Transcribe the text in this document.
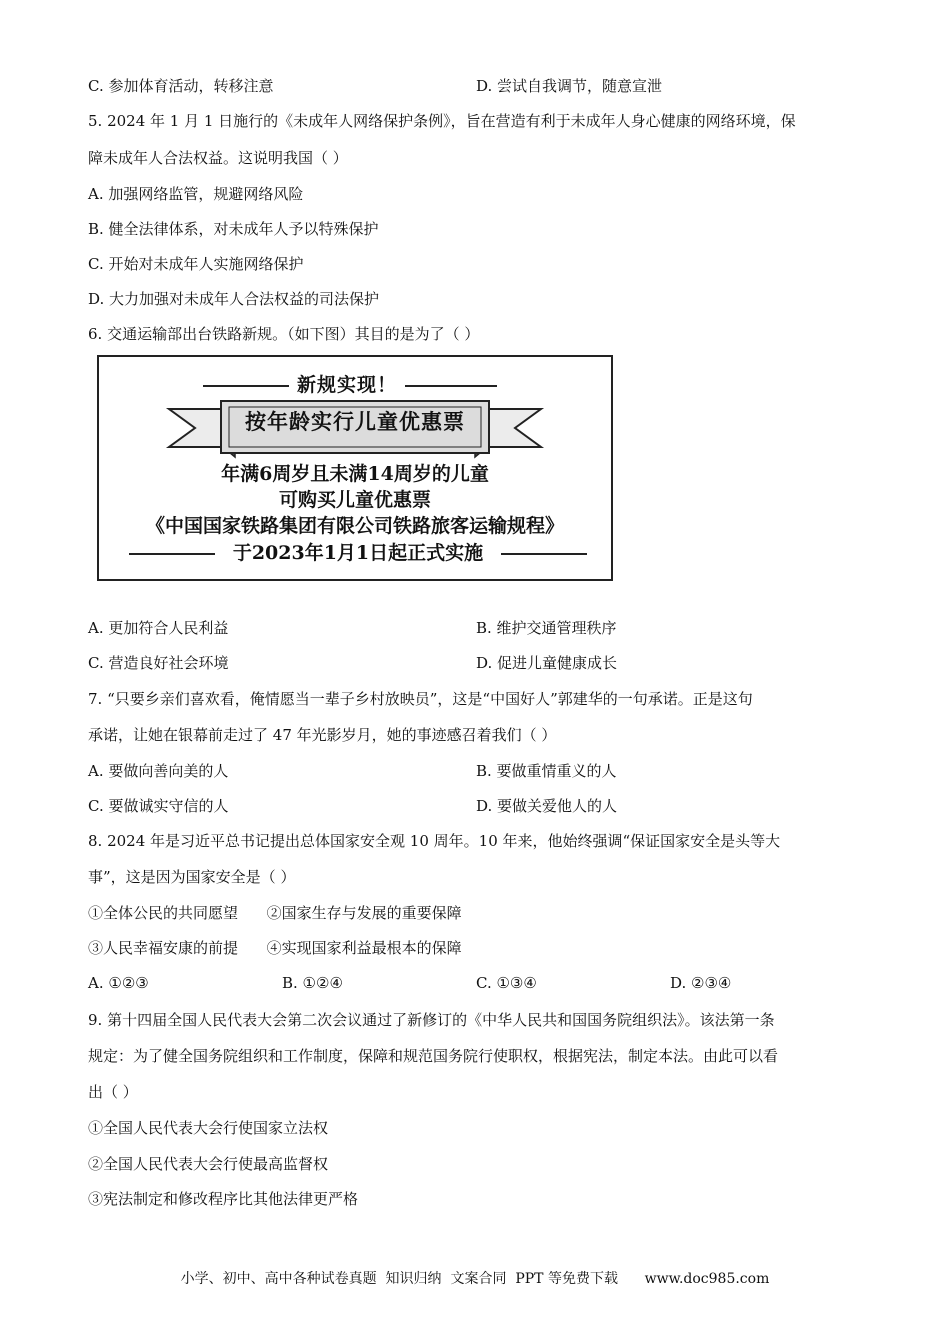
C. 参加体育活动，转移注意	D. 尝试自我调节，随意宣泄
5. 2024 年 1 月 1 日施行的《未成年人网络保护条例》，旨在营造有利于未成年人身心健康的网络环境，保
障未成年人合法权益。这说明我国（ ）
A. 加强网络监管，规避网络风险
B. 健全法律体系，对未成年人予以特殊保护
C. 开始对未成年人实施网络保护
D. 大力加强对未成年人合法权益的司法保护
6. 交通运输部出台铁路新规。（如下图）其目的是为了（ ）
新规实现！
按年龄实行儿童优惠票
年满6周岁且未满14周岁的儿童
可购买儿童优惠票
《中国国家铁路集团有限公司铁路旅客运输规程》
于2023年1月1日起正式实施
A. 更加符合人民利益	B. 维护交通管理秩序
C. 营造良好社会环境	D. 促进儿童健康成长
7. “只要乡亲们喜欢看，俺情愿当一辈子乡村放映员”，这是“中国好人”郭建华的一句承诺。正是这句
承诺，让她在银幕前走过了 47 年光影岁月，她的事迹感召着我们（ ）
A. 要做向善向美的人	B. 要做重情重义的人
C. 要做诚实守信的人	D. 要做关爱他人的人
8. 2024 年是习近平总书记提出总体国家安全观 10 周年。10 年来，他始终强调“保证国家安全是头等大
事”，这是因为国家安全是（ ）
①全体公民的共同愿望      ②国家生存与发展的重要保障
③人民幸福安康的前提      ④实现国家利益最根本的保障
A. ①②③	B. ①②④	C. ①③④	D. ②③④
9. 第十四届全国人民代表大会第二次会议通过了新修订的《中华人民共和国国务院组织法》。该法第一条
规定：为了健全国务院组织和工作制度，保障和规范国务院行使职权，根据宪法，制定本法。由此可以看
出（ ）
①全国人民代表大会行使国家立法权
②全国人民代表大会行使最高监督权
③宪法制定和修改程序比其他法律更严格
小学、初中、高中各种试卷真题  知识归纳  文案合同  PPT 等免费下载      www.doc985.com
